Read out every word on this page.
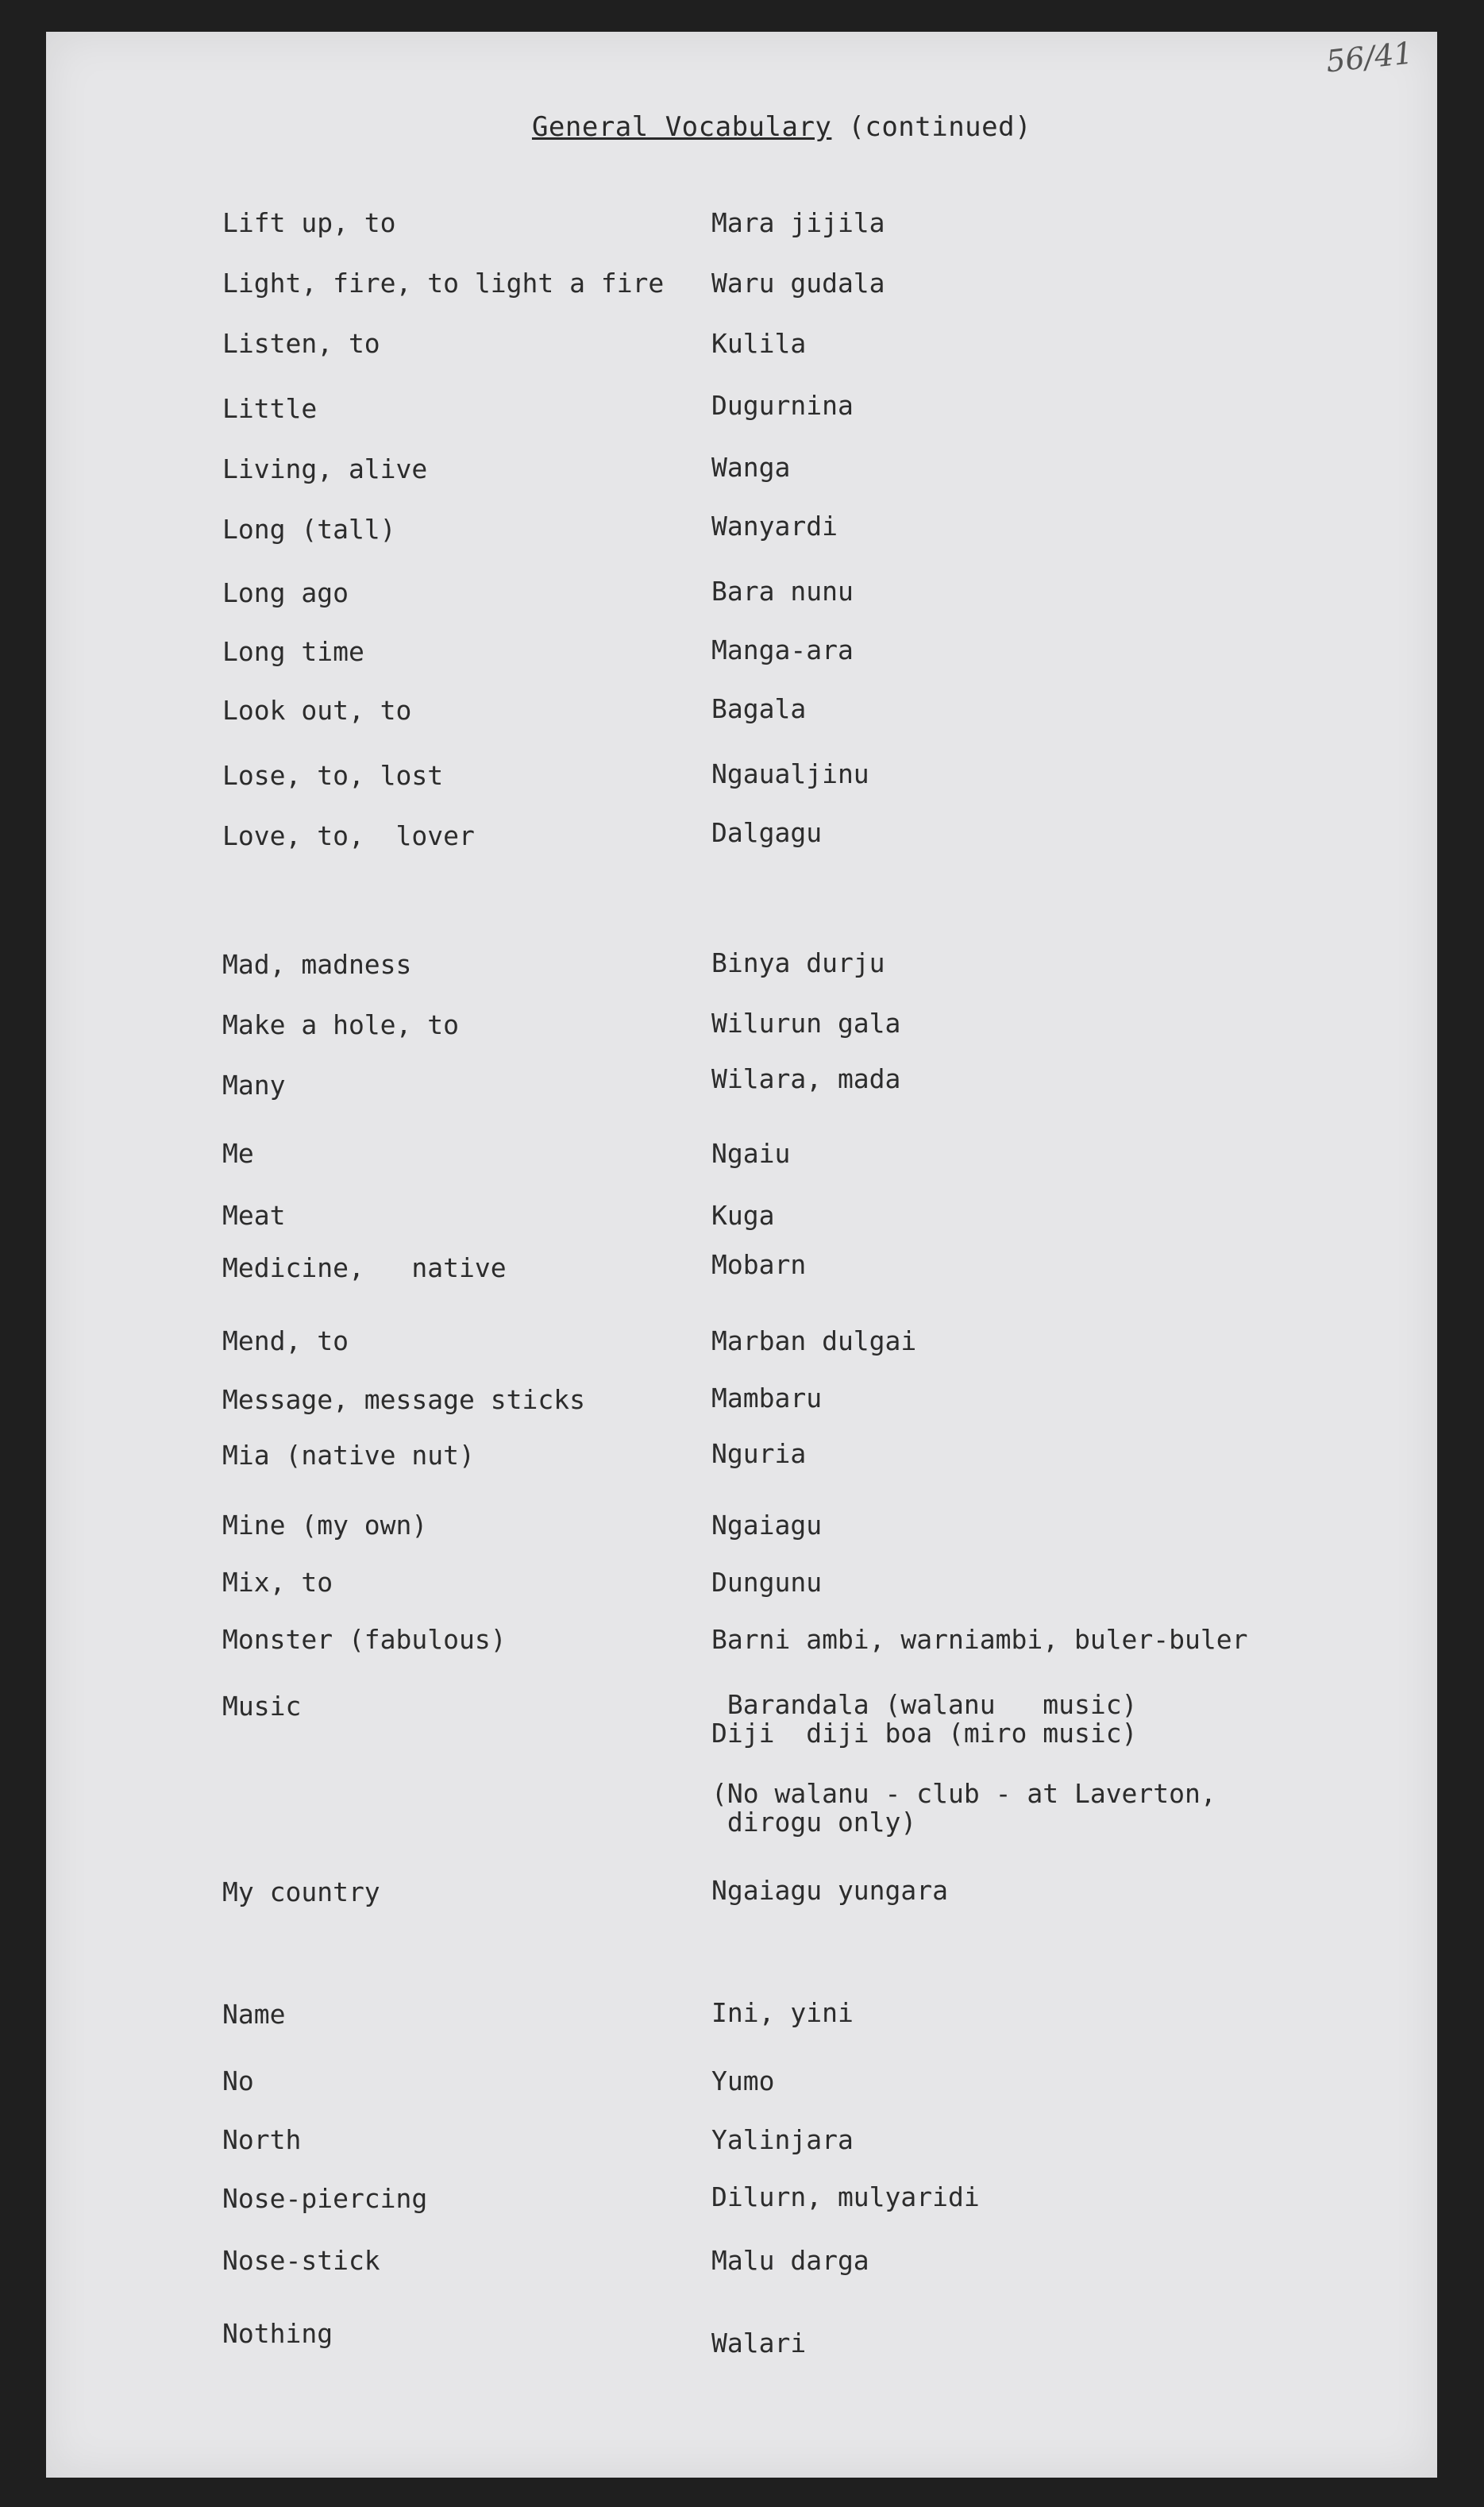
56/41
General Vocabulary (continued)
Lift up, to	Mara jijila
Light, fire, to light a fire Waru gudala
Listen, to	Kulila
Little	Dugurnina
Living, alive	Wanga
Long (tall)	Wanyardi
Long ago	Bara nunu
Long time	Manga-ara
Look out, to	Bagala
Lose, to, lost	Ngaualjinu
Love, to,  lover	Dalgagu
Mad, madness	Binya durju
Make a hole, to	Wilurun gala
Many	Wilara, mada
Me	Ngaiu
Meat	Kuga
Medicine,   native	Mobarn
Mend, to	Marban dulgai
Message, message sticks	Mambaru
Mia (native nut)	Nguria
Mine (my own)	Ngaiagu
Mix, to	Dungunu
Monster (fabulous)	Barni ambi, warniambi, buler-buler
Music	Barandala (walanu   music)
Diji  diji boa (miro music)
(No walanu - club - at Laverton,
dirogu only)
My country	Ngaiagu yungara
Name	Ini, yini
No	Yumo
North	Yalinjara
Nose-piercing	Dilurn, mulyaridi
Nose-stick	Malu darga
Nothing	Walari
